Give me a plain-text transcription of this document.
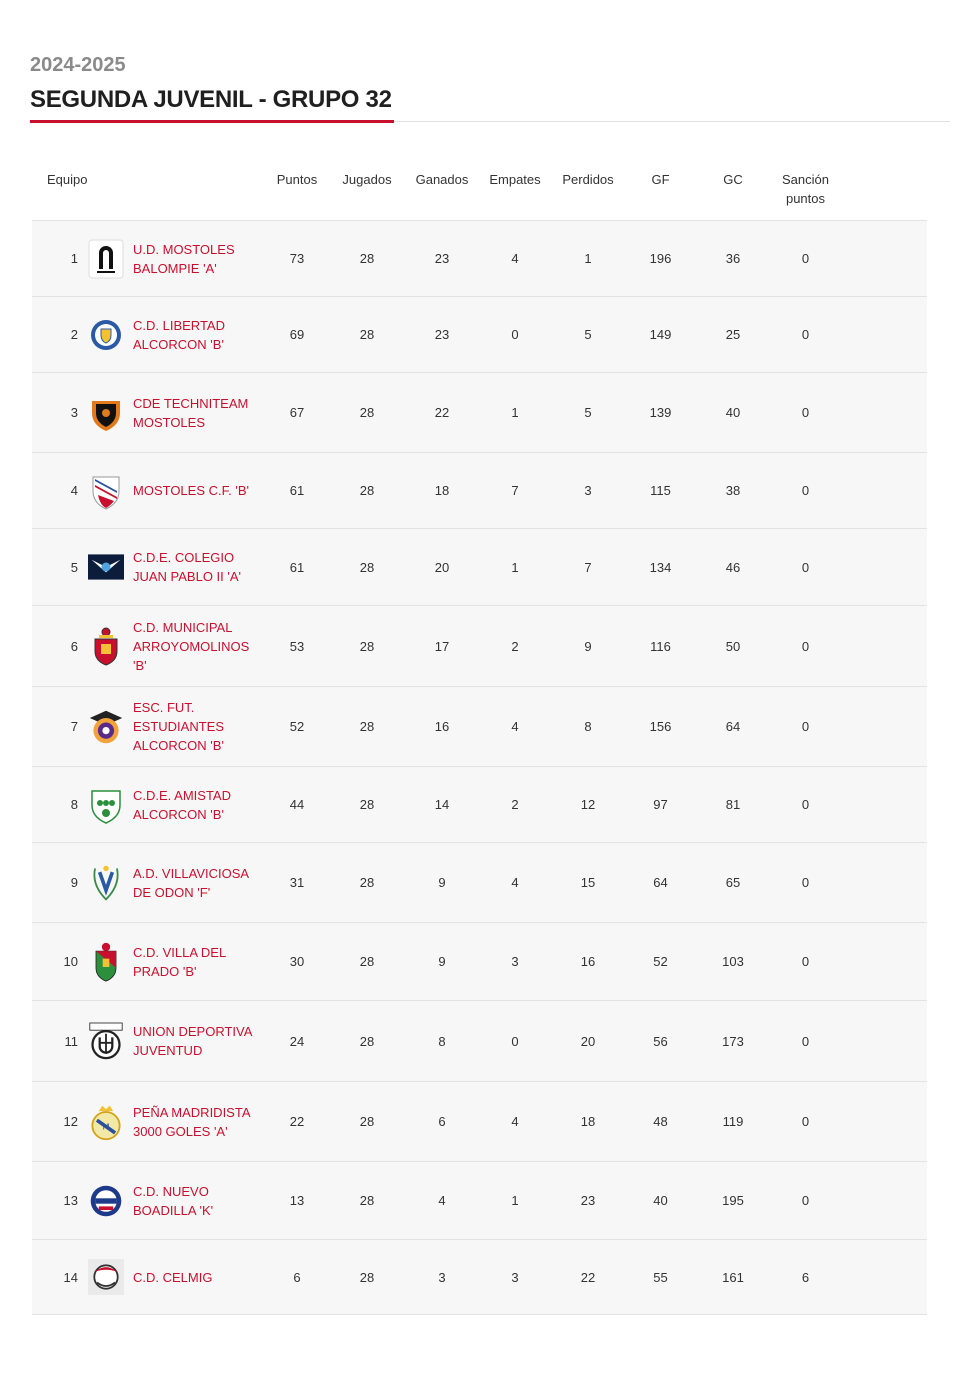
2024-2025
SEGUNDA JUVENIL - GRUPO 32
Equipo			Puntos	Jugados	Ganados	Empates	Perdidos	GF	GC	Sanción puntos	
1		U.D. MOSTOLES BALOMPIE 'A'	73	28	23	4	1	196	36	0	
2		C.D. LIBERTAD ALCORCON 'B'	69	28	23	0	5	149	25	0	
3		CDE TECHNITEAM MOSTOLES	67	28	22	1	5	139	40	0	
4		MOSTOLES C.F. 'B'	61	28	18	7	3	115	38	0	
5		C.D.E. COLEGIO JUAN PABLO II 'A'	61	28	20	1	7	134	46	0	
6		C.D. MUNICIPAL ARROYOMOLINOS 'B'	53	28	17	2	9	116	50	0	
7		ESC. FUT. ESTUDIANTES ALCORCON 'B'	52	28	16	4	8	156	64	0	
8		C.D.E. AMISTAD ALCORCON 'B'	44	28	14	2	12	97	81	0	
9		A.D. VILLAVICIOSA DE ODON 'F'	31	28	9	4	15	64	65	0	
10		C.D. VILLA DEL PRADO 'B'	30	28	9	3	16	52	103	0	
11		UNION DEPORTIVA JUVENTUD	24	28	8	0	20	56	173	0	
12	M	PEÑA MADRIDISTA 3000 GOLES 'A'	22	28	6	4	18	48	119	0	
13		C.D. NUEVO BOADILLA 'K'	13	28	4	1	23	40	195	0	
14		C.D. CELMIG	6	28	3	3	22	55	161	6	
